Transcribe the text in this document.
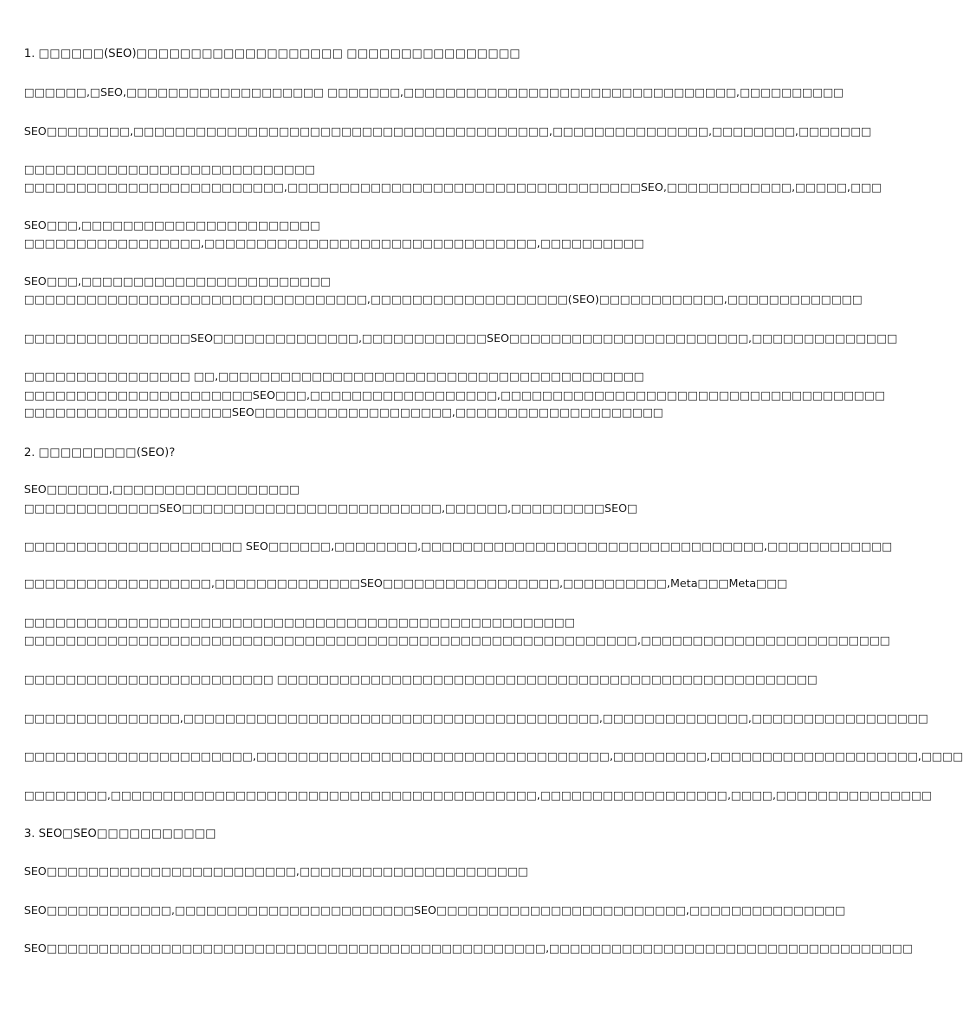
1. □□□□□□(SEO)□□□□□□□□□□□□□□□□□□□ □□□□□□□□□□□□□□□□
□□□□□□,□SEO,□□□□□□□□□□□□□□□□□□□ □□□□□□□,□□□□□□□□□□□□□□□□□□□□□□□□□□□□□□□□,□□□□□□□□□□
SEO□□□□□□□□,□□□□□□□□□□□□□□□□□□□□□□□□□□□□□□□□□□□□□□□□,□□□□□□□□□□□□□□□,□□□□□□□□,□□□□□□□
□□□□□□□□□□□□□□□□□□□□□□□□□□□□
□□□□□□□□□□□□□□□□□□□□□□□□□,□□□□□□□□□□□□□□□□□□□□□□□□□□□□□□□□□□SEO,□□□□□□□□□□□□,□□□□□,□□□
SEO□□□,□□□□□□□□□□□□□□□□□□□□□□□
□□□□□□□□□□□□□□□□□,□□□□□□□□□□□□□□□□□□□□□□□□□□□□□□□□,□□□□□□□□□□
SEO□□□,□□□□□□□□□□□□□□□□□□□□□□□□
□□□□□□□□□□□□□□□□□□□□□□□□□□□□□□□□□,□□□□□□□□□□□□□□□□□□□(SEO)□□□□□□□□□□□□,□□□□□□□□□□□□□
□□□□□□□□□□□□□□□□SEO□□□□□□□□□□□□□□,□□□□□□□□□□□□SEO□□□□□□□□□□□□□□□□□□□□□□□,□□□□□□□□□□□□□□
□□□□□□□□□□□□□□□□ □□,□□□□□□□□□□□□□□□□□□□□□□□□□□□□□□□□□□□□□□□□□
□□□□□□□□□□□□□□□□□□□□□□SEO□□□,□□□□□□□□□□□□□□□□□□,□□□□□□□□□□□□□□□□□□□□□□□□□□□□□□□□□□□□□
□□□□□□□□□□□□□□□□□□□□SEO□□□□□□□□□□□□□□□□□□□,□□□□□□□□□□□□□□□□□□□□
2. □□□□□□□□□(SEO)?
SEO□□□□□□,□□□□□□□□□□□□□□□□□□
□□□□□□□□□□□□□SEO□□□□□□□□□□□□□□□□□□□□□□□□□,□□□□□□,□□□□□□□□□SEO□
□□□□□□□□□□□□□□□□□□□□□ SEO□□□□□□,□□□□□□□□,□□□□□□□□□□□□□□□□□□□□□□□□□□□□□□□□□,□□□□□□□□□□□□
□□□□□□□□□□□□□□□□□□,□□□□□□□□□□□□□□SEO□□□□□□□□□□□□□□□□□,□□□□□□□□□□,Meta□□□Meta□□□
□□□□□□□□□□□□□□□□□□□□□□□□□□□□□□□□□□□□□□□□□□□□□□□□□□□□□
□□□□□□□□□□□□□□□□□□□□□□□□□□□□□□□□□□□□□□□□□□□□□□□□□□□□□□□□□□□,□□□□□□□□□□□□□□□□□□□□□□□□
□□□□□□□□□□□□□□□□□□□□□□□□ □□□□□□□□□□□□□□□□□□□□□□□□□□□□□□□□□□□□□□□□□□□□□□□□□□□□
□□□□□□□□□□□□□□□,□□□□□□□□□□□□□□□□□□□□□□□□□□□□□□□□□□□□□□□□,□□□□□□□□□□□□□□,□□□□□□□□□□□□□□□□□
□□□□□□□□□□□□□□□□□□□□□□,□□□□□□□□□□□□□□□□□□□□□□□□□□□□□□□□□□,□□□□□□□□□,□□□□□□□□□□□□□□□□□□□□,□□□□
□□□□□□□□,□□□□□□□□□□□□□□□□□□□□□□□□□□□□□□□□□□□□□□□□□,□□□□□□□□□□□□□□□□□□,□□□□,□□□□□□□□□□□□□□□
3. SEO□SEO□□□□□□□□□□□
SEO□□□□□□□□□□□□□□□□□□□□□□□□,□□□□□□□□□□□□□□□□□□□□□□
SEO□□□□□□□□□□□□,□□□□□□□□□□□□□□□□□□□□□□□SEO□□□□□□□□□□□□□□□□□□□□□□□□,□□□□□□□□□□□□□□□
SEO□□□□□□□□□□□□□□□□□□□□□□□□□□□□□□□□□□□□□□□□□□□□□□□□,□□□□□□□□□□□□□□□□□□□□□□□□□□□□□□□□□□□
